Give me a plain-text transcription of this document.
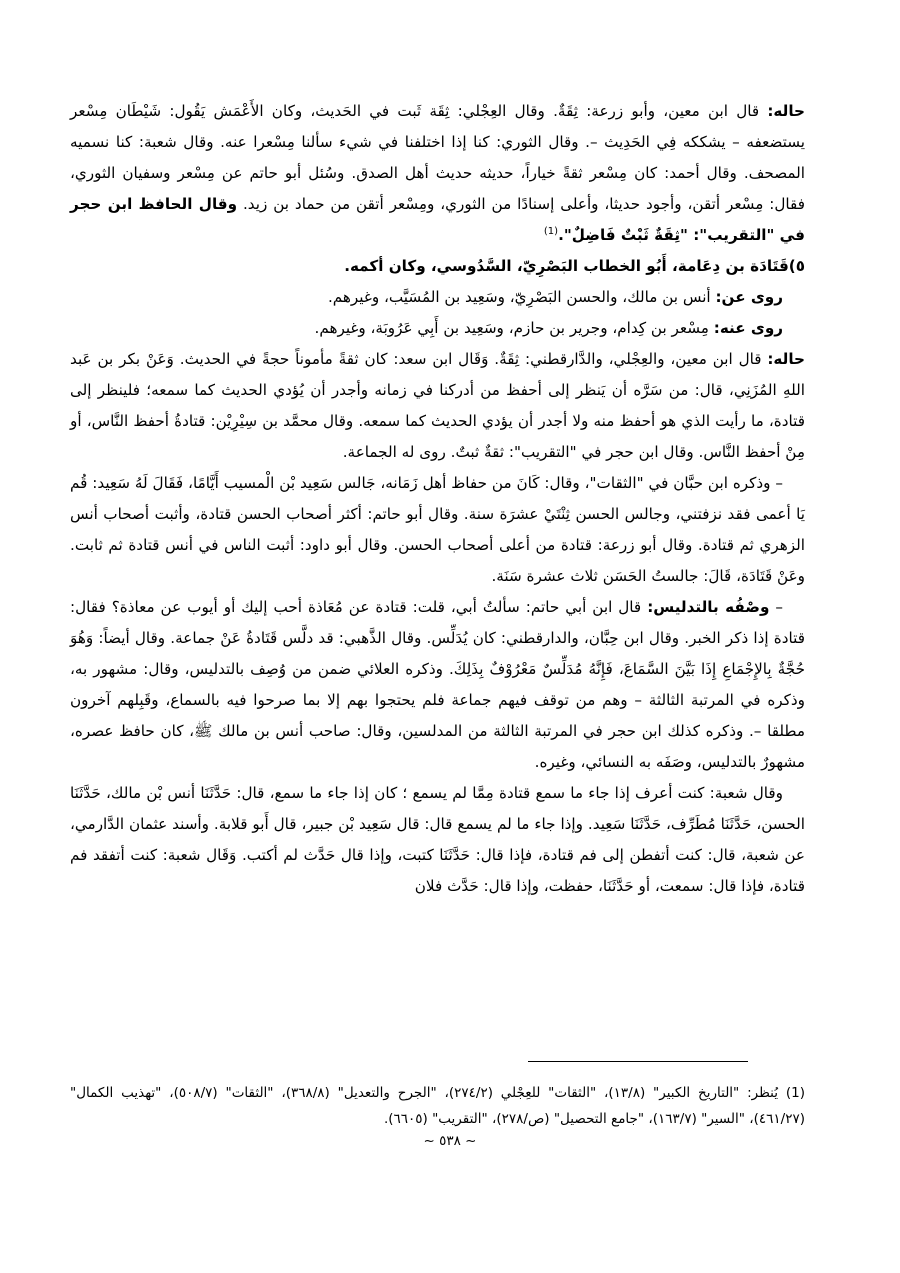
حاله: قال ابن معين، وأبو زرعة: ثِقَةٌ. وقال العِجْلي: ثِقَة ثَبت في الحَديث، وكان الأَعْمَش يَقُول: شَيْطَان مِسْعر يستضعفه – يشككه فِي الحَدِيث –. وقال الثوري: كنا إذا اختلفنا في شيء سألنا مِسْعرا عنه. وقال شعبة: كنا نسميه المصحف. وقال أحمد: كان مِسْعر ثقةً خياراً، حديثه حديث أهل الصدق. وسُئل أبو حاتم عن مِسْعر وسفيان الثوري، فقال: مِسْعر أتقن، وأجود حديثا، وأعلى إسنادًا من الثوري، ومِسْعر أتقن من حماد بن زيد. وقال الحافظ ابن حجر في "التقريب": "ثِقَةٌ ثَبْتٌ فَاضِلٌ".$^{(1)}$

٥)قَتَادَة بن دِعَامة، أَبُو الخطاب البَصْرِيّ، السَّدُوسي، وكان أكمه.

روى عن: أنس بن مالك، والحسن البَصْرِيّ، وسَعِيد بن المُسَيَّب، وغيرهم.

روى عنه: مِسْعر بن كِدام، وجرير بن حازم، وسَعِيد بن أَبِي عَرُوبَة، وغيرهم.

حاله: قال ابن معين، والعِجْلي، والدَّارقطني: ثِقَةٌ. وَقَال ابن سعد: كان ثقةً مأموناً حجةً في الحديث. وَعَنْ بكر بن عَبد اللهِ المُزَنِي، قال: من سَرَّه أن يَنظر إلى أحفظ من أدركنا في زمانه وأجدر أن يُؤدي الحديث كما سمعه؛ فلينظر إلى قتادة، ما رأيت الذي هو أحفظ منه ولا أجدر أن يؤدي الحديث كما سمعه. وقال محمَّد بن سِيْرِيْن: قتادةُ أحفظ النَّاس، أو مِنْ أحفظ النَّاس. وقال ابن حجر في "التقريب": ثقةٌ ثبتٌ. روى له الجماعة.

– وذكره ابن حبَّان في "الثقات"، وقال: كَانَ من حفاظ أهل زَمَانه، جَالس سَعِيد بْن الْمسيب أَيَّامًا، فَقَالَ لَهُ سَعِيد: قُم يَا أعمى فقد نزفتني، وجالس الحسن ثِنْتَيْ عشرَة سنة. وقال أبو حاتم: أكثر أصحاب الحسن قتادة، وأثبت أصحاب أنس الزهري ثم قتادة. وقال أبو زرعة: قتادة من أعلى أصحاب الحسن. وقال أبو داود: أثبت الناس في أنس قتادة ثم ثابت. وعَنْ قَتَادَة، قَالَ: جالستُ الحَسَن ثلاث عشرة سَنَة.

– وصْفُه بالتدليس: قال ابن أبي حاتم: سألتُ أبي، قلت: قتادة عن مُعَاذة أحب إليك أو أيوب عن معاذة؟ فقال: قتادة إذا ذكر الخبر. وقال ابن حِبَّان، والدارقطني: كان يُدَلِّس. وقال الذَّهبي: قد دلَّس قَتَادةُ عَنْ جماعة. وقال أيضاً: وَهُوَ حُجَّةٌ بِالإِجْمَاعِ إِذَا بَيَّنَ السَّمَاعَ، فَإِنَّهُ مُدَلِّسٌ مَعْرُوْفٌ بِذَلِكَ. وذكره العلائي ضمن من وُصِف بالتدليس، وقال: مشهور به، وذكره في المرتبة الثالثة – وهم من توقف فيهم جماعة فلم يحتجوا بهم إلا بما صرحوا فيه بالسماع، وقَبِلهم آخرون مطلقا –. وذكره كذلك ابن حجر في المرتبة الثالثة من المدلسين، وقال: صاحب أنس بن مالك ﷺ، كان حافظ عصره، مشهورٌ بالتدليس، وصَفَه به النسائي، وغيره.

وقال شعبة: كنت أعرف إذا جاء ما سمع قتادة مِمَّا لم يسمع ؛ كان إذا جاء ما سمع، قال: حَدَّثَنَا أنس بْن مالك، حَدَّثَنَا الحسن، حَدَّثَنَا مُطَرِّف، حَدَّثَنَا سَعِيد. وإذا جاء ما لم يسمع قال: قال سَعِيد بْن جبير، قال أَبو قلابة. وأسند عثمان الدَّارمي، عن شعبة، قال: كنت أتفطن إلى فم قتادة، فإذا قال: حَدَّثَنَا كتبت، وإذا قال حَدَّث لم أكتب. وَقَال شعبة: كنت أتفقد فم قتادة، فإذا قال: سمعت، أو حَدَّثَنَا، حفظت، وإذا قال: حَدَّث فلان

(1) يُنظر: "التاريخ الكبير" (١٣/٨)، "الثقات" للعِجْلي (٢٧٤/٢)، "الجرح والتعديل" (٣٦٨/٨)، "الثقات" (٥٠٨/٧)، "تهذيب الكمال" (٤٦١/٢٧)، "السير" (١٦٣/٧)، "جامع التحصيل" (ص/٢٧٨)، "التقريب" (٦٦٠٥).

~ ٥٣٨ ~
